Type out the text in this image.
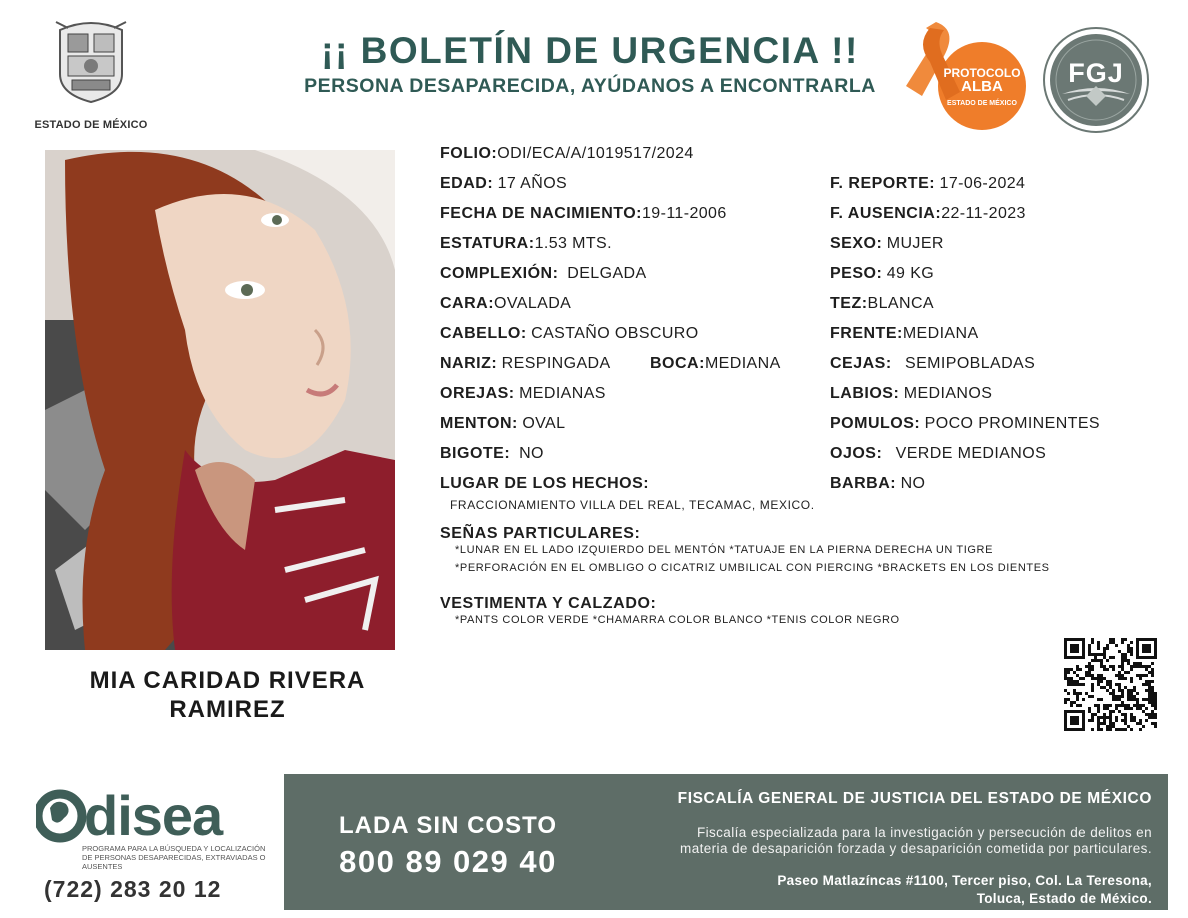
ESTADO DE MÉXICO
¡¡ BOLETÍN DE URGENCIA !!
PERSONA DESAPARECIDA, AYÚDANOS A ENCONTRARLA
PROTOCOLO
ALBA
ESTADO DE MÉXICO
FGJ
MIA CARIDAD RIVERA
RAMIREZ
FOLIO:ODI/ECA/A/1019517/2024
EDAD: 17 AÑOS	F. REPORTE: 17-06-2024
FECHA DE NACIMIENTO:19-11-2006	F. AUSENCIA:22-11-2023
ESTATURA:1.53 MTS.	SEXO: MUJER
COMPLEXIÓN: DELGADA	PESO: 49 KG
CARA:OVALADA	TEZ:BLANCA
CABELLO: CASTAÑO OBSCURO	FRENTE:MEDIANA
NARIZ: RESPINGADA BOCA:MEDIANA	CEJAS: SEMIPOBLADAS
OREJAS: MEDIANAS	LABIOS: MEDIANOS
MENTON: OVAL	POMULOS: POCO PROMINENTES
BIGOTE: NO	OJOS: VERDE MEDIANOS
LUGAR DE LOS HECHOS:	BARBA: NO
FRACCIONAMIENTO VILLA DEL REAL, TECAMAC, MEXICO.
SEÑAS PARTICULARES:
*LUNAR EN EL LADO IZQUIERDO DEL MENTÓN *TATUAJE EN LA PIERNA DERECHA UN TIGRE
*PERFORACIÓN EN EL OMBLIGO O CICATRIZ UMBILICAL CON PIERCING *BRACKETS EN LOS DIENTES
VESTIMENTA Y CALZADO:
*PANTS COLOR VERDE *CHAMARRA COLOR BLANCO *TENIS COLOR NEGRO
disea
PROGRAMA PARA LA BÚSQUEDA Y LOCALIZACIÓN DE PERSONAS DESAPARECIDAS, EXTRAVIADAS O AUSENTES
(722) 283 20 12
LADA SIN COSTO
800 89 029 40
FISCALÍA GENERAL DE JUSTICIA DEL ESTADO DE MÉXICO
Fiscalía especializada para la investigación y persecución de delitos en
materia de desaparición forzada y desaparición cometida por particulares.
Paseo Matlazíncas #1100, Tercer piso, Col. La Teresona,
Toluca, Estado de México.
